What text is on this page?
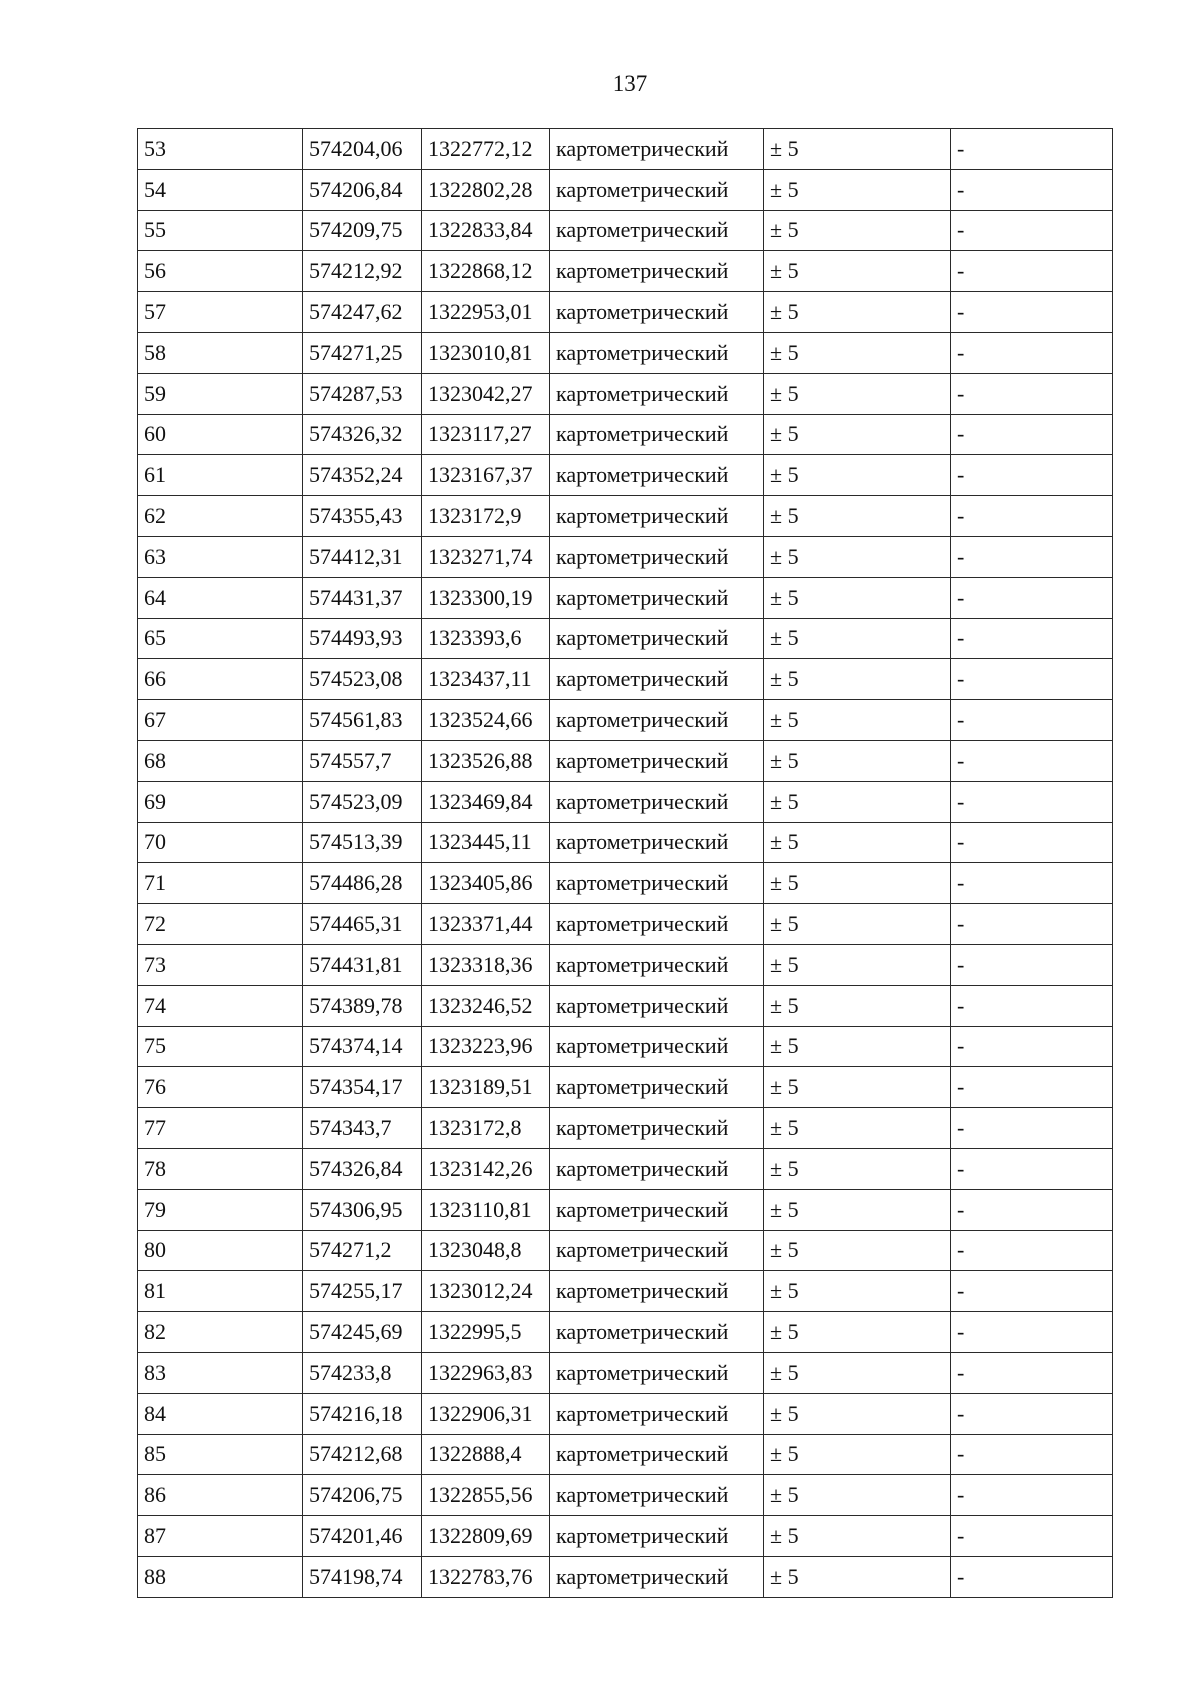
137
53	574204,06	1322772,12	картометрический	± 5	-
54	574206,84	1322802,28	картометрический	± 5	-
55	574209,75	1322833,84	картометрический	± 5	-
56	574212,92	1322868,12	картометрический	± 5	-
57	574247,62	1322953,01	картометрический	± 5	-
58	574271,25	1323010,81	картометрический	± 5	-
59	574287,53	1323042,27	картометрический	± 5	-
60	574326,32	1323117,27	картометрический	± 5	-
61	574352,24	1323167,37	картометрический	± 5	-
62	574355,43	1323172,9	картометрический	± 5	-
63	574412,31	1323271,74	картометрический	± 5	-
64	574431,37	1323300,19	картометрический	± 5	-
65	574493,93	1323393,6	картометрический	± 5	-
66	574523,08	1323437,11	картометрический	± 5	-
67	574561,83	1323524,66	картометрический	± 5	-
68	574557,7	1323526,88	картометрический	± 5	-
69	574523,09	1323469,84	картометрический	± 5	-
70	574513,39	1323445,11	картометрический	± 5	-
71	574486,28	1323405,86	картометрический	± 5	-
72	574465,31	1323371,44	картометрический	± 5	-
73	574431,81	1323318,36	картометрический	± 5	-
74	574389,78	1323246,52	картометрический	± 5	-
75	574374,14	1323223,96	картометрический	± 5	-
76	574354,17	1323189,51	картометрический	± 5	-
77	574343,7	1323172,8	картометрический	± 5	-
78	574326,84	1323142,26	картометрический	± 5	-
79	574306,95	1323110,81	картометрический	± 5	-
80	574271,2	1323048,8	картометрический	± 5	-
81	574255,17	1323012,24	картометрический	± 5	-
82	574245,69	1322995,5	картометрический	± 5	-
83	574233,8	1322963,83	картометрический	± 5	-
84	574216,18	1322906,31	картометрический	± 5	-
85	574212,68	1322888,4	картометрический	± 5	-
86	574206,75	1322855,56	картометрический	± 5	-
87	574201,46	1322809,69	картометрический	± 5	-
88	574198,74	1322783,76	картометрический	± 5	-
